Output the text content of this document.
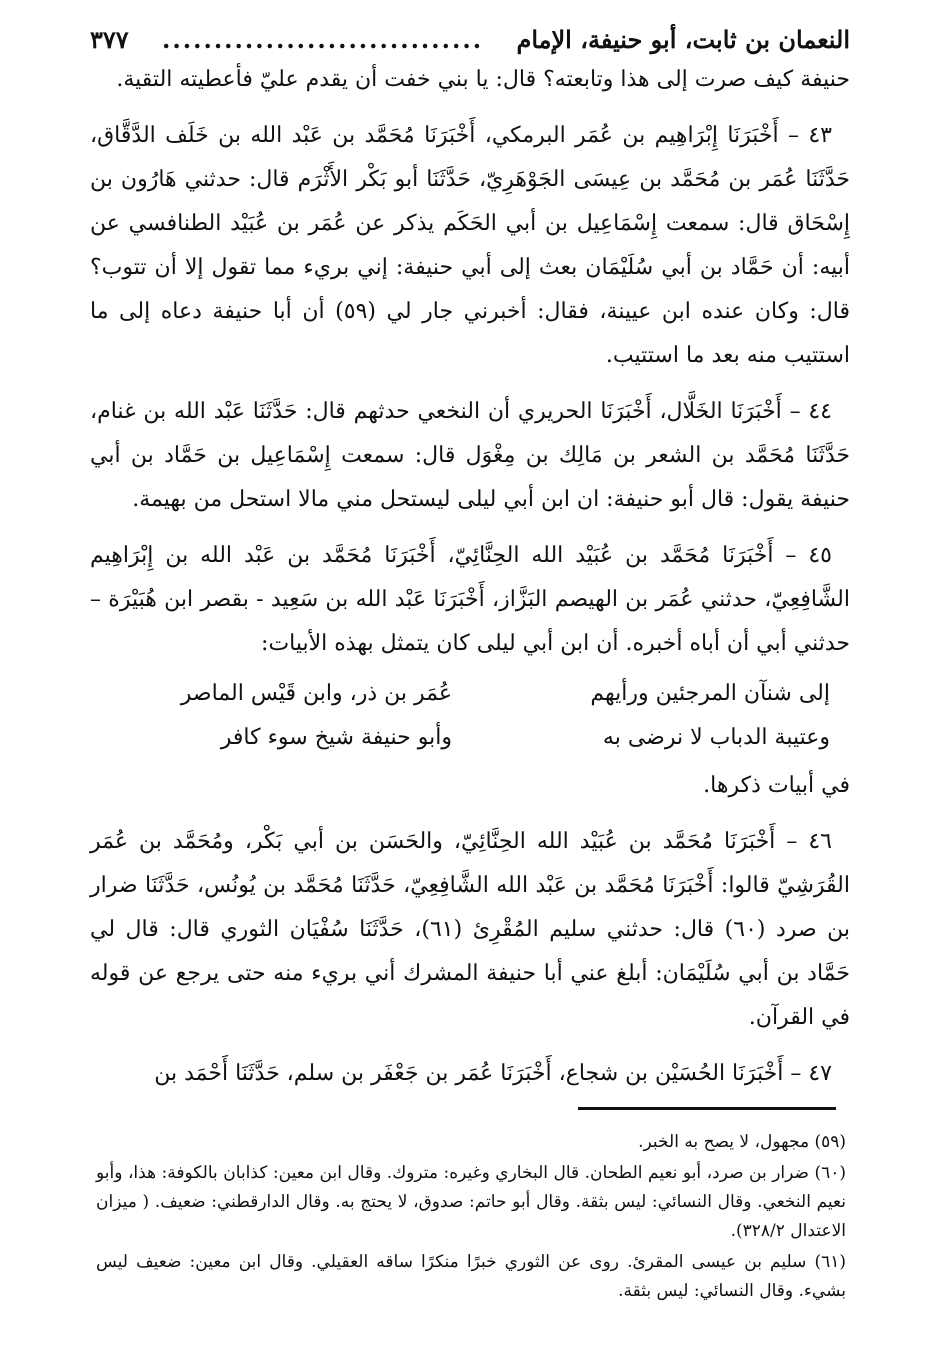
النعمان بن ثابت، أبو حنيفة، الإمام
...............................
٣٧٧

حنيفة كيف صرت إلى هذا وتابعته؟ قال: يا بني خفت أن يقدم عليّ فأعطيته التقية.

٤٣ – أَخْبَرَنَا إِبْرَاهِيم بن عُمَر البرمكي، أَخْبَرَنَا مُحَمَّد بن عَبْد الله بن خَلَف الدَّقَّاق، حَدَّثَنَا عُمَر بن مُحَمَّد بن عِيسَى الجَوْهَرِيّ، حَدَّثَنَا أبو بَكْر الأَثْرَم قال: حدثني هَارُون بن إِسْحَاق قال: سمعت إِسْمَاعِيل بن أبي الحَكَم يذكر عن عُمَر بن عُبَيْد الطنافسي عن أبيه: أن حَمَّاد بن أبي سُلَيْمَان بعث إلى أبي حنيفة: إني بريء مما تقول إلا أن تتوب؟ قال: وكان عنده ابن عيينة، فقال: أخبرني جار لي (٥٩) أن أبا حنيفة دعاه إلى ما استتيب منه بعد ما استتيب.

٤٤ – أَخْبَرَنَا الخَلَّال، أَخْبَرَنَا الحريري أن النخعي حدثهم قال: حَدَّثَنَا عَبْد الله بن غنام، حَدَّثَنَا مُحَمَّد بن الشعر بن مَالِك بن مِغْوَل قال: سمعت إِسْمَاعِيل بن حَمَّاد بن أبي حنيفة يقول: قال أبو حنيفة: ان ابن أبي ليلى ليستحل مني مالا استحل من بهيمة.

٤٥ – أَخْبَرَنَا مُحَمَّد بن عُبَيْد الله الحِنَّائِيّ، أَخْبَرَنَا مُحَمَّد بن عَبْد الله بن إِبْرَاهِيم الشَّافِعِيّ، حدثني عُمَر بن الهيصم البَزَّاز، أَخْبَرَنَا عَبْد الله بن سَعِيد - بقصر ابن هُبَيْرَة – حدثني أبي أن أباه أخبره. أن ابن أبي ليلى كان يتمثل بهذه الأبيات:

إلى شنآن المرجئين ورأيهم
عُمَر بن ذر، وابن قَيْس الماصر
وعتيبة الدباب لا نرضى به
وأبو حنيفة شيخ سوء كافر

في أبيات ذكرها.

٤٦ – أَخْبَرَنَا مُحَمَّد بن عُبَيْد الله الحِنَّائِيّ، والحَسَن بن أبي بَكْر، ومُحَمَّد بن عُمَر القُرَشِيّ قالوا: أَخْبَرَنَا مُحَمَّد بن عَبْد الله الشَّافِعِيّ، حَدَّثَنَا مُحَمَّد بن يُونُس، حَدَّثَنَا ضرار بن صرد (٦٠) قال: حدثني سليم المُقْرِئ (٦١)، حَدَّثَنَا سُفْيَان الثوري قال: قال لي حَمَّاد بن أبي سُلَيْمَان: أبلغ عني أبا حنيفة المشرك أني بريء منه حتى يرجع عن قوله في القرآن.

٤٧ – أَخْبَرَنَا الحُسَيْن بن شجاع، أَخْبَرَنَا عُمَر بن جَعْفَر بن سلم، حَدَّثَنَا أَحْمَد بن

(٥٩) مجهول، لا يصح به الخبر.

(٦٠) ضرار بن صرد، أبو نعيم الطحان. قال البخاري وغيره: متروك. وقال ابن معين: كذابان بالكوفة: هذا، وأبو نعيم النخعي. وقال النسائي: ليس بثقة. وقال أبو حاتم: صدوق، لا يحتج به. وقال الدارقطني: ضعيف. ( ميزان الاعتدال ٣٢٨/٢).

(٦١) سليم بن عيسى المقرئ. روى عن الثوري خبرًا منكرًا ساقه العقيلي. وقال ابن معين: ضعيف ليس بشيء. وقال النسائي: ليس بثقة.
